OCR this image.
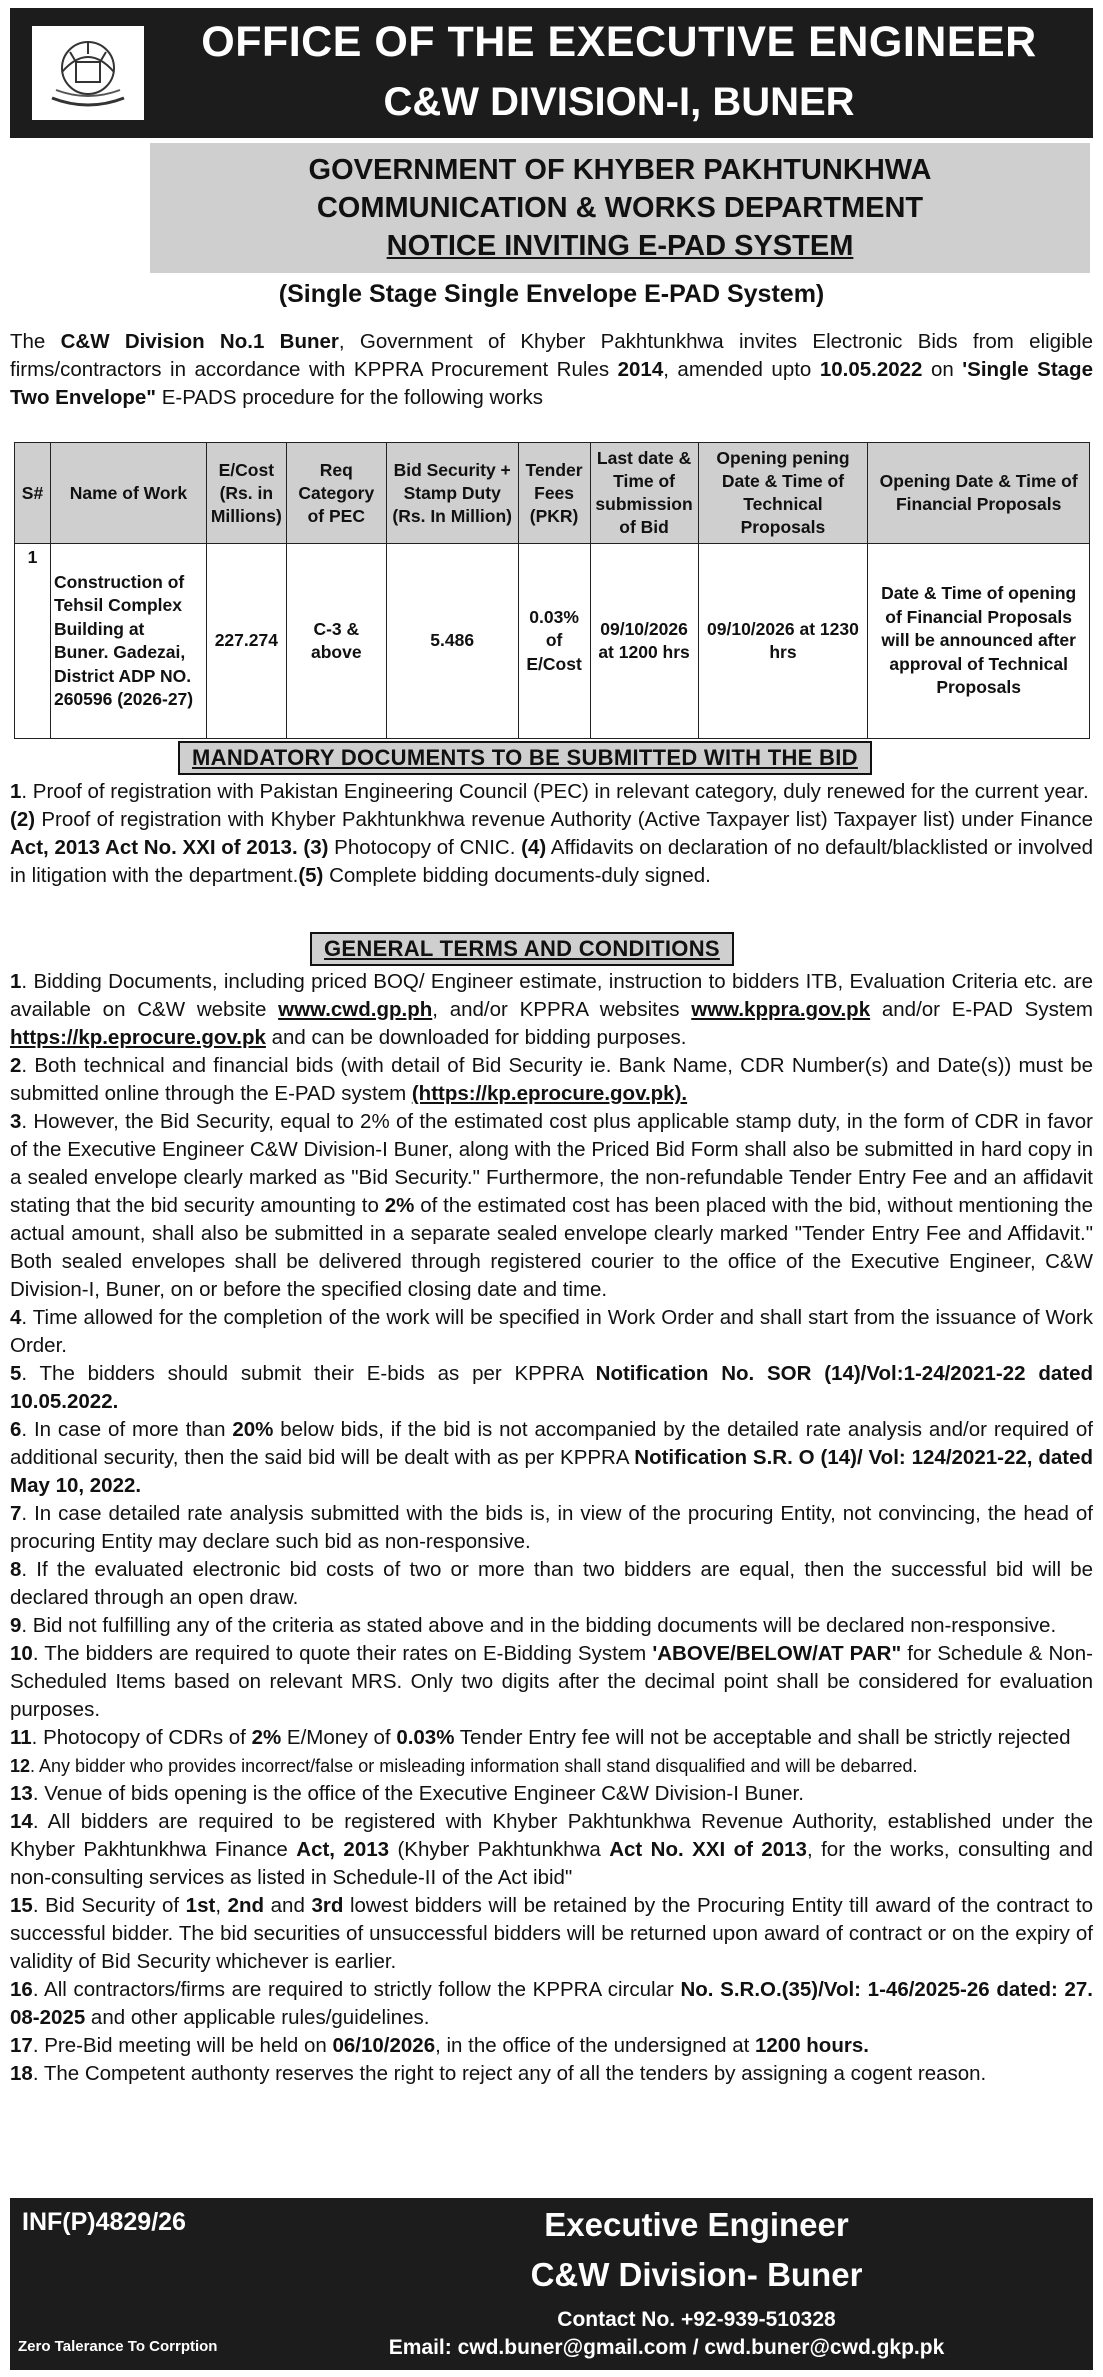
OFFICE OF THE EXECUTIVE ENGINEER
C&W DIVISION-I, BUNER
GOVERNMENT OF KHYBER PAKHTUNKHWA
COMMUNICATION & WORKS DEPARTMENT
NOTICE INVITING E-PAD SYSTEM
(Single Stage Single Envelope E-PAD System)
The C&W Division No.1 Buner, Government of Khyber Pakhtunkhwa invites Electronic Bids from eligible firms/contractors in accordance with KPPRA Procurement Rules 2014, amended upto 10.05.2022 on 'Single Stage Two Envelope" E-PADS procedure for the following works
S#	Name of Work	E/Cost (Rs. in Millions)	Req Category of PEC	Bid Security + Stamp Duty (Rs. In Million)	Tender Fees (PKR)	Last date & Time of submission of Bid	Opening pening Date & Time of Technical Proposals	Opening Date & Time of Financial Proposals
1	Construction of Tehsil Complex Building at Buner. Gadezai, District ADP NO. 260596 (2026-27)	227.274	C-3 & above	5.486	0.03% of E/Cost	09/10/2026 at 1200 hrs	09/10/2026 at 1230 hrs	Date & Time of opening of Financial Proposals will be announced after approval of Technical Proposals
MANDATORY DOCUMENTS TO BE SUBMITTED WITH THE BID

1. Proof of registration with Pakistan Engineering Council (PEC) in relevant category, duly renewed for the current year.

(2) Proof of registration with Khyber Pakhtunkhwa revenue Authority (Active Taxpayer list) Taxpayer list) under Finance Act, 2013 Act No. XXI of 2013. (3) Photocopy of CNIC. (4) Affidavits on declaration of no default/blacklisted or involved in litigation with the department.(5) Complete bidding documents-duly signed.

GENERAL TERMS AND CONDITIONS

1. Bidding Documents, including priced BOQ/ Engineer estimate, instruction to bidders ITB, Evaluation Criteria etc. are available on C&W website www.cwd.gp.ph, and/or KPPRA websites www.kppra.gov.pk and/or E-PAD System https://kp.eprocure.gov.pk and can be downloaded for bidding purposes.

2. Both technical and financial bids (with detail of Bid Security ie. Bank Name, CDR Number(s) and Date(s)) must be submitted online through the E-PAD system (https://kp.eprocure.gov.pk).

3. However, the Bid Security, equal to 2% of the estimated cost plus applicable stamp duty, in the form of CDR in favor of the Executive Engineer C&W Division-I Buner, along with the Priced Bid Form shall also be submitted in hard copy in a sealed envelope clearly marked as "Bid Security." Furthermore, the non-refundable Tender Entry Fee and an affidavit stating that the bid security amounting to 2% of the estimated cost has been placed with the bid, without mentioning the actual amount, shall also be submitted in a separate sealed envelope clearly marked "Tender Entry Fee and Affidavit." Both sealed envelopes shall be delivered through registered courier to the office of the Executive Engineer, C&W Division-I, Buner, on or before the specified closing date and time.

4. Time allowed for the completion of the work will be specified in Work Order and shall start from the issuance of Work Order.

5. The bidders should submit their E-bids as per KPPRA Notification No. SOR (14)/Vol:1-24/2021-22 dated 10.05.2022.

6. In case of more than 20% below bids, if the bid is not accompanied by the detailed rate analysis and/or required of additional security, then the said bid will be dealt with as per KPPRA Notification S.R. O (14)/ Vol: 124/2021-22, dated May 10, 2022.

7. In case detailed rate analysis submitted with the bids is, in view of the procuring Entity, not convincing, the head of procuring Entity may declare such bid as non-responsive.

8. If the evaluated electronic bid costs of two or more than two bidders are equal, then the successful bid will be declared through an open draw.

9. Bid not fulfilling any of the criteria as stated above and in the bidding documents will be declared non-responsive.

10. The bidders are required to quote their rates on E-Bidding System 'ABOVE/BELOW/AT PAR" for Schedule & Non-Scheduled Items based on relevant MRS. Only two digits after the decimal point shall be considered for evaluation purposes.

11. Photocopy of CDRs of 2% E/Money of 0.03% Tender Entry fee will not be acceptable and shall be strictly rejected

12. Any bidder who provides incorrect/false or misleading information shall stand disqualified and will be debarred.

13. Venue of bids opening is the office of the Executive Engineer C&W Division-I Buner.

14. All bidders are required to be registered with Khyber Pakhtunkhwa Revenue Authority, established under the Khyber Pakhtunkhwa Finance Act, 2013 (Khyber Pakhtunkhwa Act No. XXI of 2013, for the works, consulting and non-consulting services as listed in Schedule-II of the Act ibid"

15. Bid Security of 1st, 2nd and 3rd lowest bidders will be retained by the Procuring Entity till award of the contract to successful bidder. The bid securities of unsuccessful bidders will be returned upon award of contract or on the expiry of validity of Bid Security whichever is earlier.

16. All contractors/firms are required to strictly follow the KPPRA circular No. S.R.O.(35)/Vol: 1-46/2025-26 dated: 27. 08-2025 and other applicable rules/guidelines.

17. Pre-Bid meeting will be held on 06/10/2026, in the office of the undersigned at 1200 hours.

18. The Competent authonty reserves the right to reject any of all the tenders by assigning a cogent reason.

INF(P)4829/26
Zero Talerance To Corrption
Executive Engineer
C&W Division- Buner
Contact No. +92-939-510328
Email: cwd.buner@gmail.com / cwd.buner@cwd.gkp.pk
